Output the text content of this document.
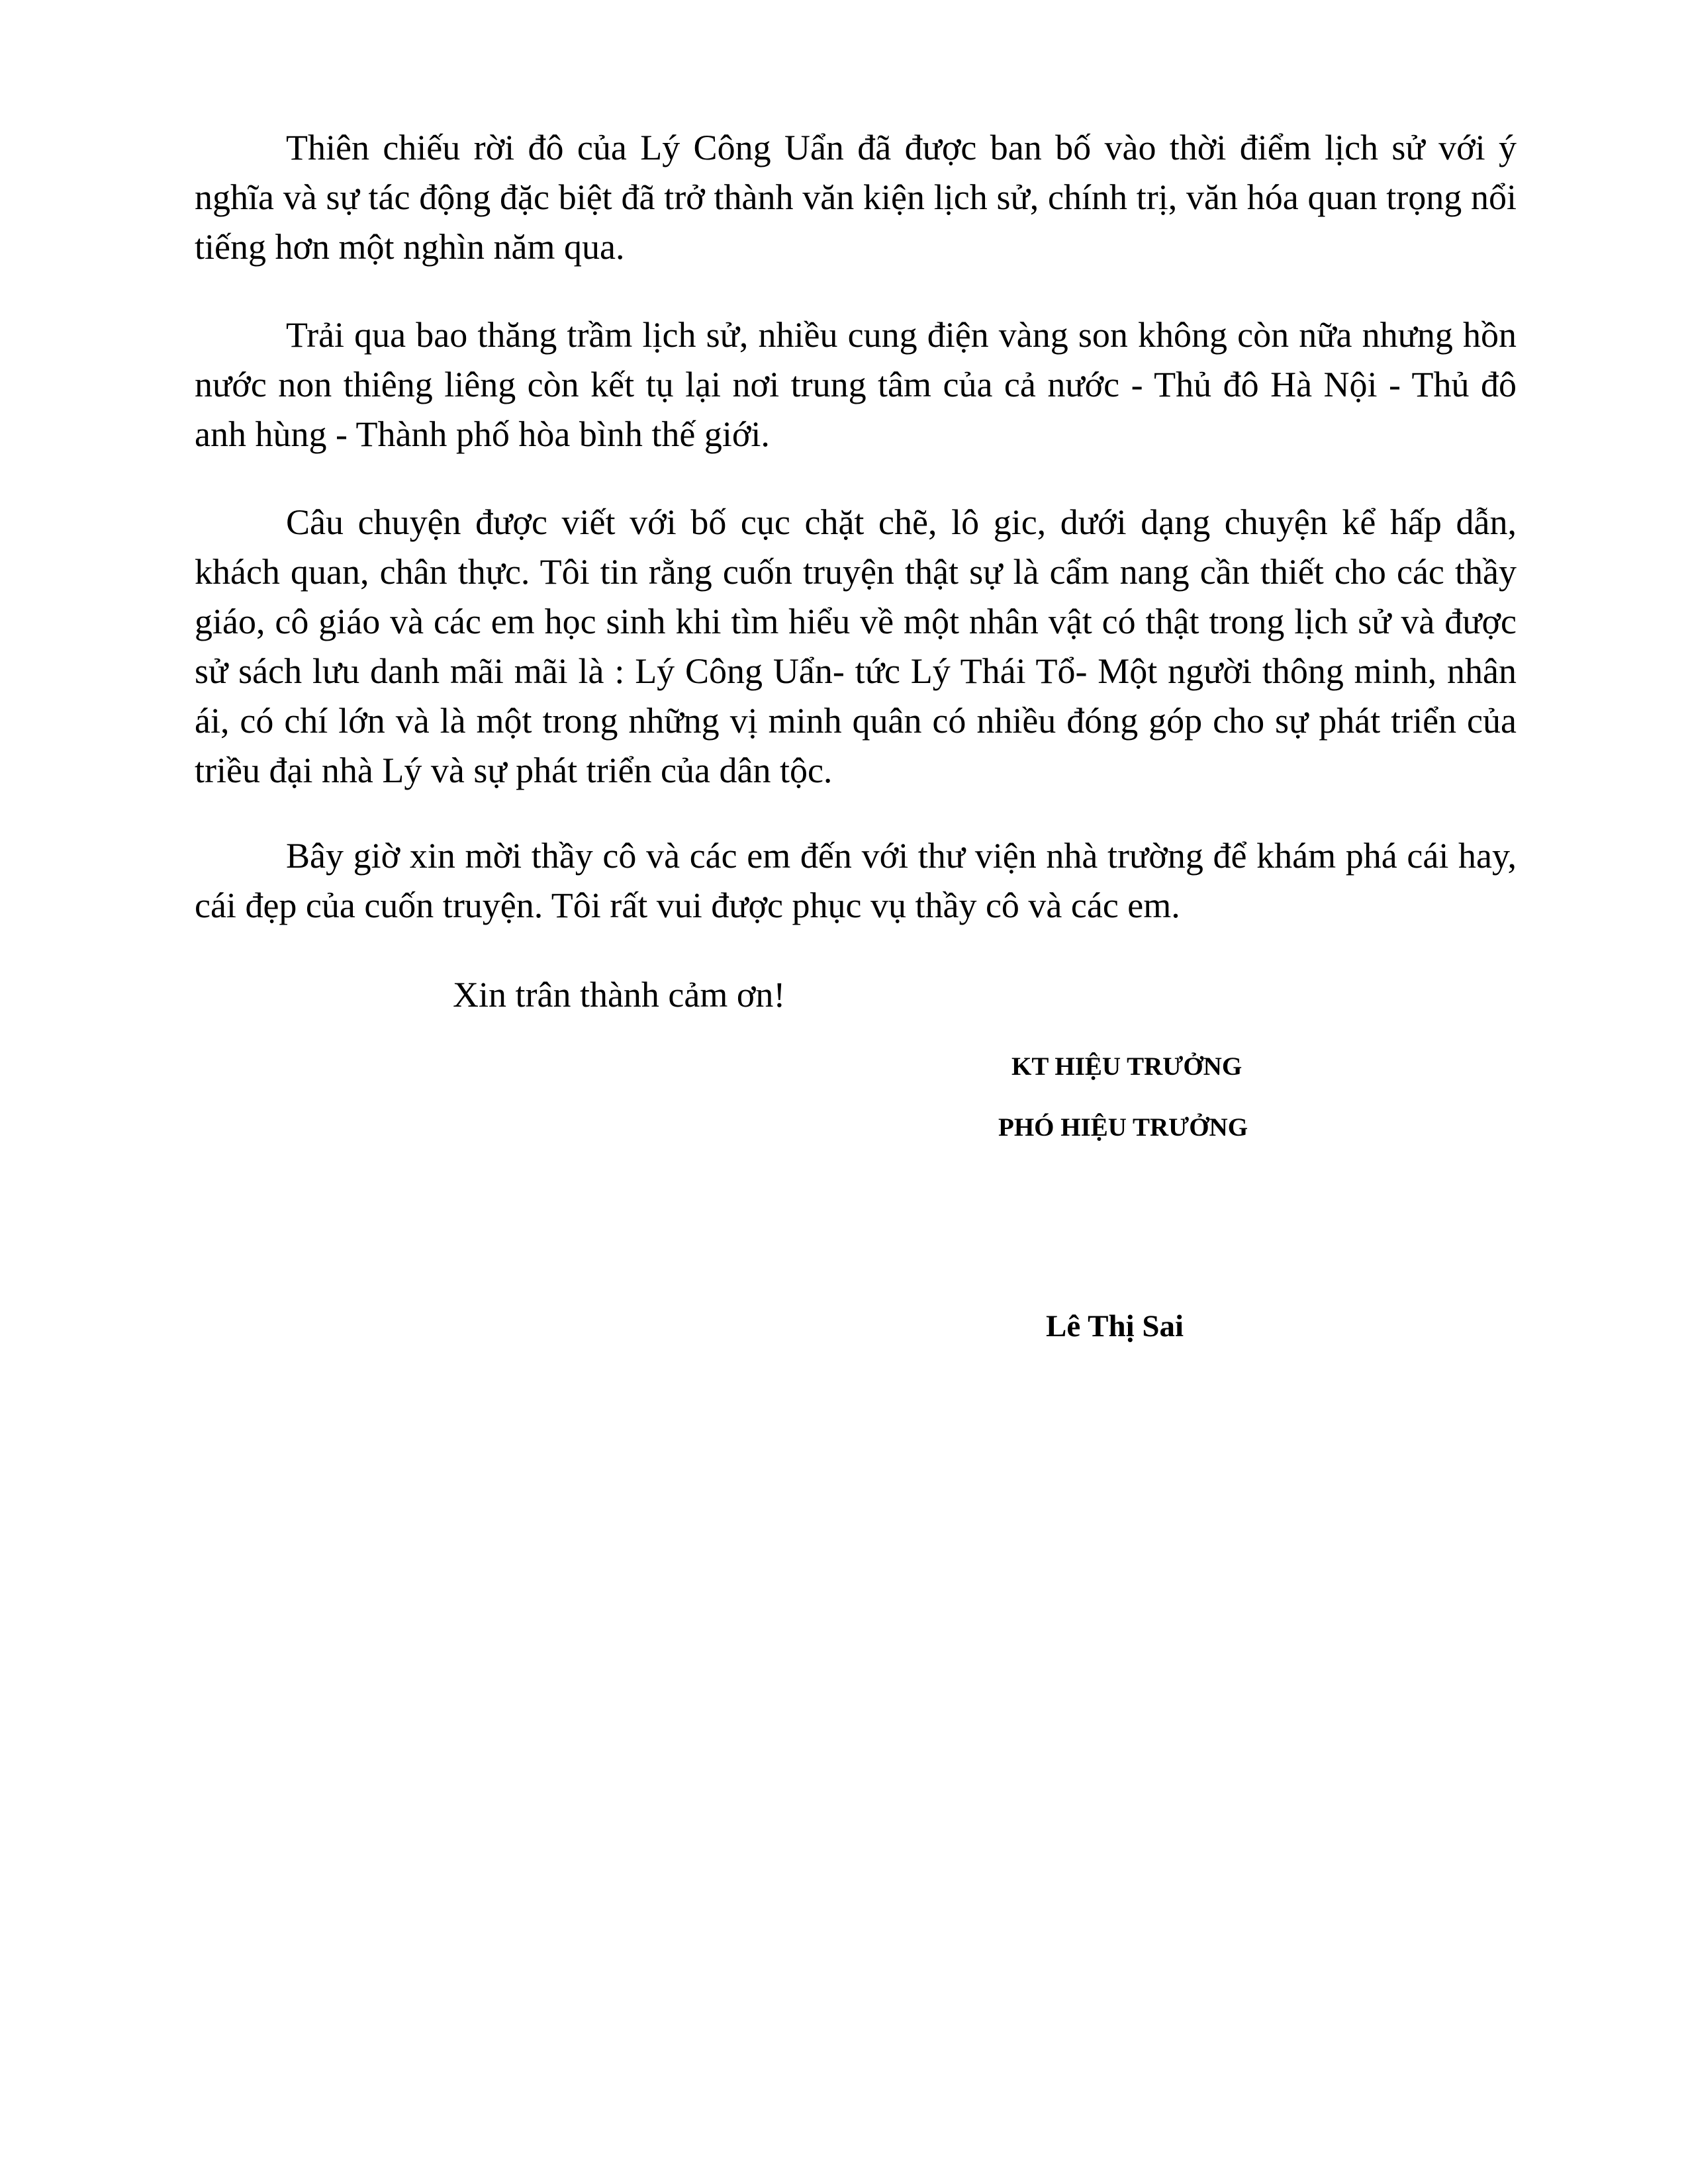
Thiên chiếu rời đô của Lý Công Uẩn đã được ban bố vào thời điểm lịch sử với ý nghĩa và sự tác động đặc biệt đã trở thành văn kiện lịch sử, chính trị, văn hóa quan trọng nổi tiếng hơn một nghìn năm qua.

Trải qua bao thăng trầm lịch sử, nhiều cung điện vàng son không còn nữa nhưng hồn nước non thiêng liêng còn kết tụ lại nơi trung tâm của cả nước - Thủ đô Hà Nội - Thủ đô anh hùng - Thành phố hòa bình thế giới.

Câu chuyện được viết với bố cục chặt chẽ, lô gic, dưới dạng chuyện kể hấp dẫn, khách quan, chân thực. Tôi tin rằng cuốn truyện thật sự là cẩm nang cần thiết cho các thầy giáo, cô giáo và các em học sinh khi tìm hiểu về một nhân vật có thật trong lịch sử và được sử sách lưu danh mãi mãi là : Lý Công Uẩn- tức Lý Thái Tổ- Một người thông minh, nhân ái, có chí lớn và là một trong những vị minh quân có nhiều đóng góp cho sự phát triển của triều đại nhà Lý và sự phát triển của dân tộc.

Bây giờ xin mời thầy cô và các em đến với thư viện nhà trường để khám phá cái hay, cái đẹp của cuốn truyện. Tôi rất vui được phục vụ thầy cô và các em.

Xin trân thành cảm ơn!

KT HIỆU TRƯỞNG

PHÓ HIỆU TRƯỞNG

Lê Thị Sai
